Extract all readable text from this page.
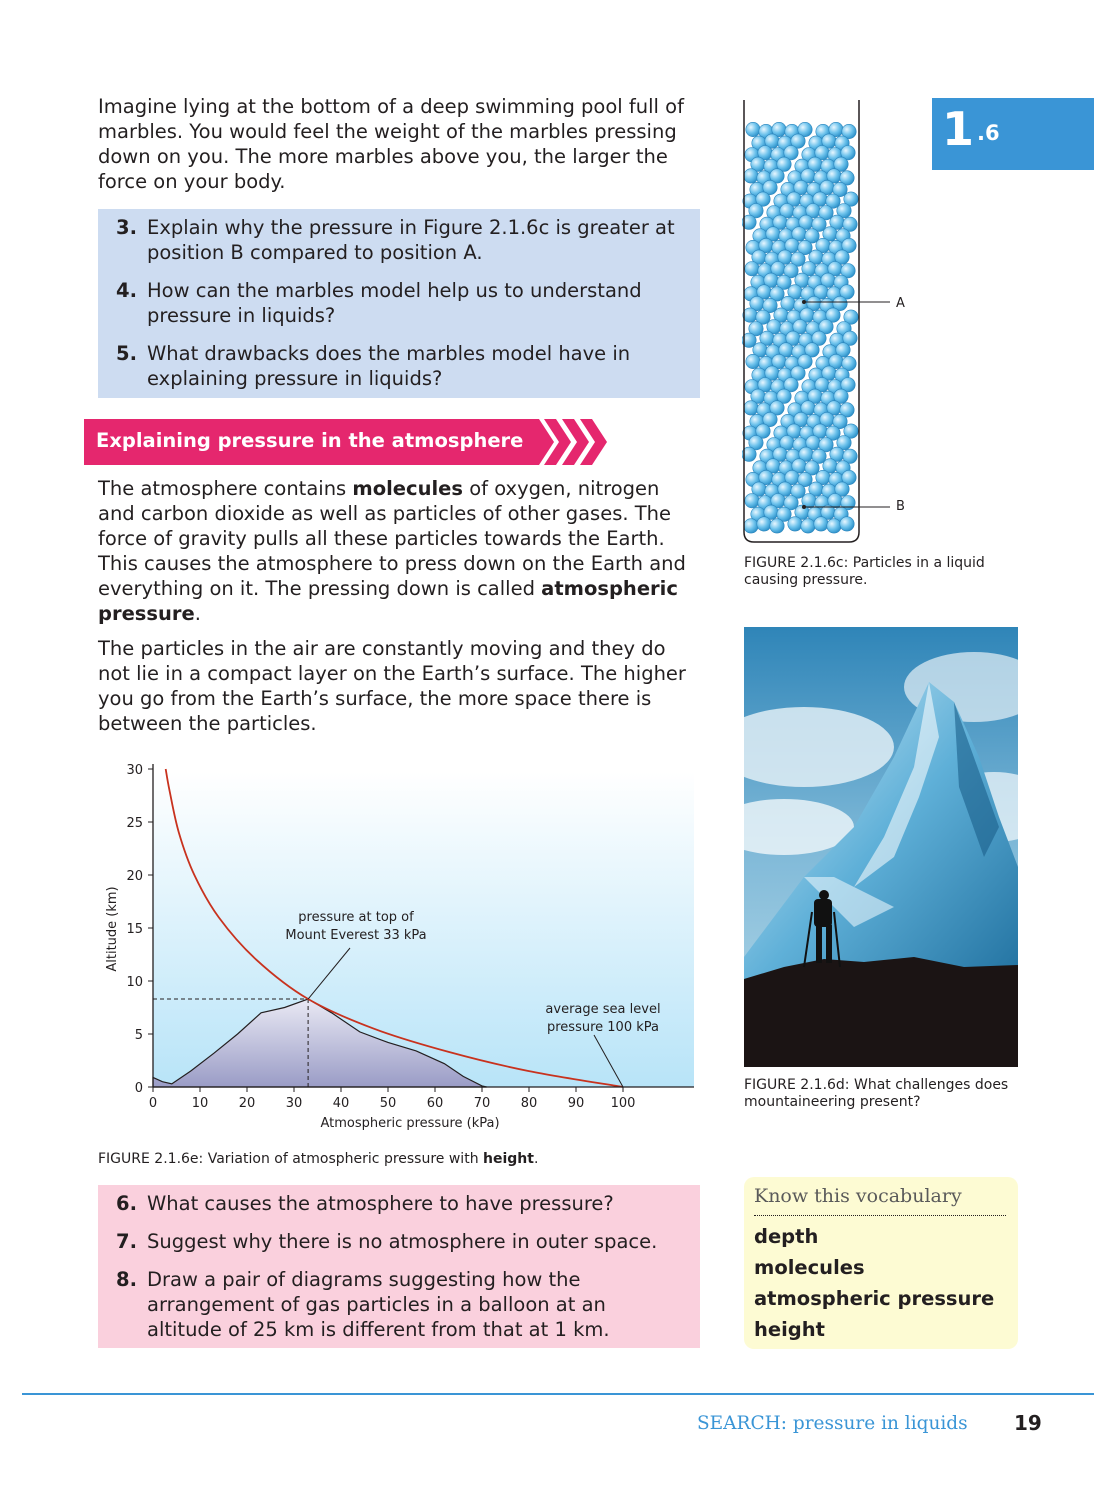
1 .6

Imagine lying at the bottom of a deep swimming pool full of marbles. You would feel the weight of the marbles pressing down on you. The more marbles above you, the larger the force on your body.

3. Explain why the pressure in Figure 2.1.6c is greater at position B compared to position A.
4. How can the marbles model help us to understand pressure in liquids?
5. What drawbacks does the marbles model have in explaining pressure in liquids?
Explaining pressure in the atmosphere

The atmosphere contains molecules of oxygen, nitrogen and carbon dioxide as well as particles of other gases. The force of gravity pulls all these particles towards the Earth. This causes the atmosphere to press down on the Earth and everything on it. The pressing down is called atmospheric pressure.

The particles in the air are constantly moving and they do not lie in a compact layer on the Earth’s surface. The higher you go from the Earth’s surface, the more space there is between the particles.

0	10 20 30 40 50 60 70 80 90 100
0
5
10
15
20
25
30
Atmospheric pressure (kPa)
Altitude (km)	pressure at top of
Mount Everest 33 kPa
average sea level
pressure 100 kPa
FIGURE 2.1.6e: Variation of atmospheric pressure with height.
6. What causes the atmosphere to have pressure?
7. Suggest why there is no atmosphere in outer space.
8. Draw a pair of diagrams suggesting how the arrangement of gas particles in a balloon at an altitude of 25 km is different from that at 1 km.
A
B
FIGURE 2.1.6c: Particles in a liquid causing pressure.
FIGURE 2.1.6d: What challenges does mountaineering present?
Know this vocabulary
depth
molecules
atmospheric pressure
height
SEARCH: pressure in liquids 19
